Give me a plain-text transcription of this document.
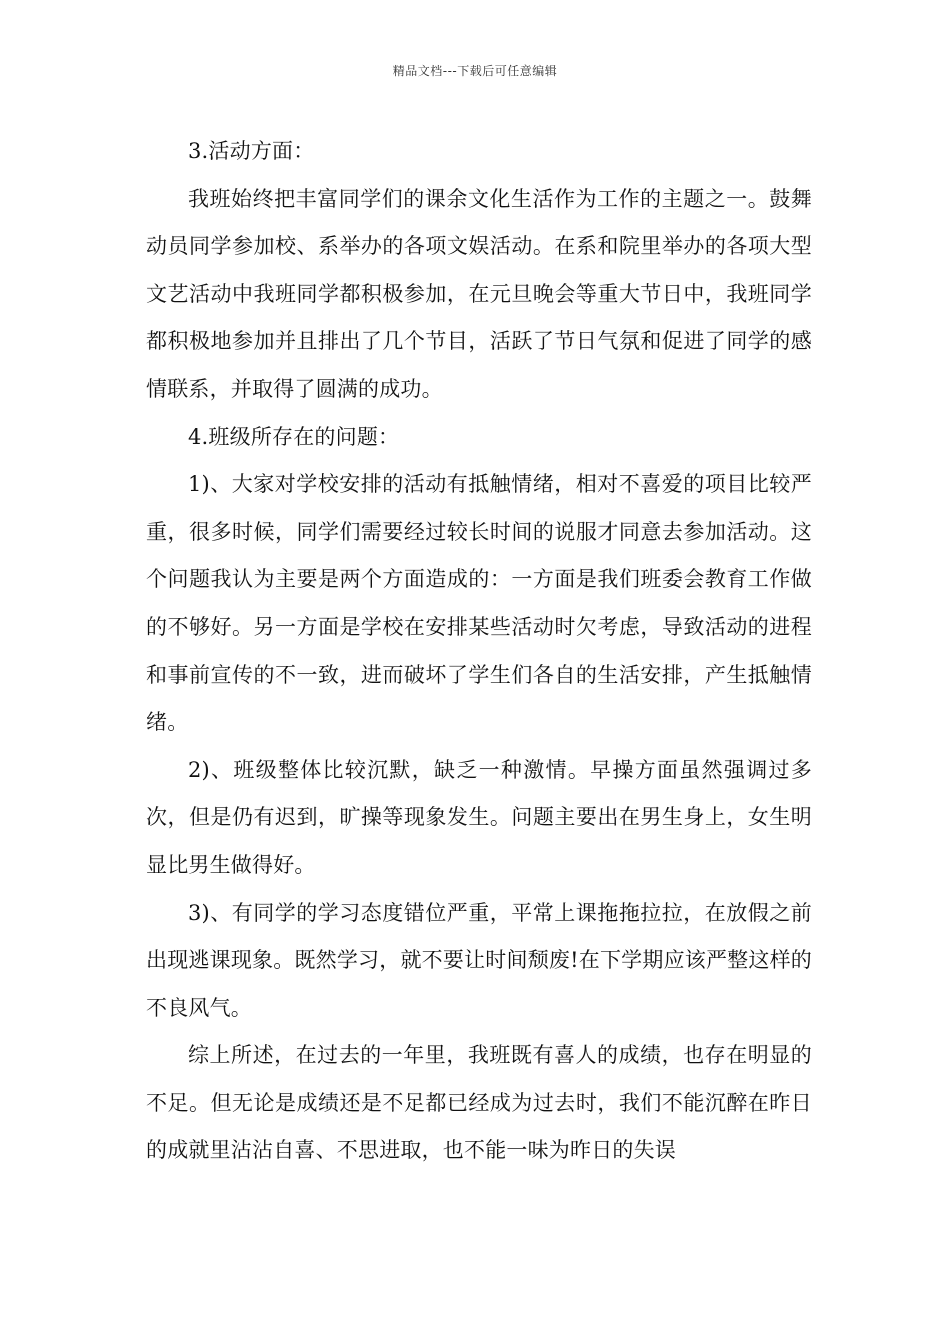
精品文档---下载后可任意编辑

3.活动方面：

我班始终把丰富同学们的课余文化生活作为工作的主题之一。鼓舞动员同学参加校、系举办的各项文娱活动。在系和院里举办的各项大型文艺活动中我班同学都积极参加，在元旦晚会等重大节日中，我班同学都积极地参加并且排出了几个节目，活跃了节日气氛和促进了同学的感情联系，并取得了圆满的成功。

4.班级所存在的问题：

1)、大家对学校安排的活动有抵触情绪，相对不喜爱的项目比较严重，很多时候，同学们需要经过较长时间的说服才同意去参加活动。这个问题我认为主要是两个方面造成的：一方面是我们班委会教育工作做的不够好。另一方面是学校在安排某些活动时欠考虑，导致活动的进程和事前宣传的不一致，进而破坏了学生们各自的生活安排，产生抵触情绪。

2)、班级整体比较沉默，缺乏一种激情。早操方面虽然强调过多次，但是仍有迟到，旷操等现象发生。问题主要出在男生身上，女生明显比男生做得好。

3)、有同学的学习态度错位严重，平常上课拖拖拉拉，在放假之前出现逃课现象。既然学习，就不要让时间颓废!在下学期应该严整这样的不良风气。

综上所述，在过去的一年里，我班既有喜人的成绩，也存在明显的不足。但无论是成绩还是不足都已经成为过去时，我们不能沉醉在昨日的成就里沾沾自喜、不思进取，也不能一味为昨日的失误
